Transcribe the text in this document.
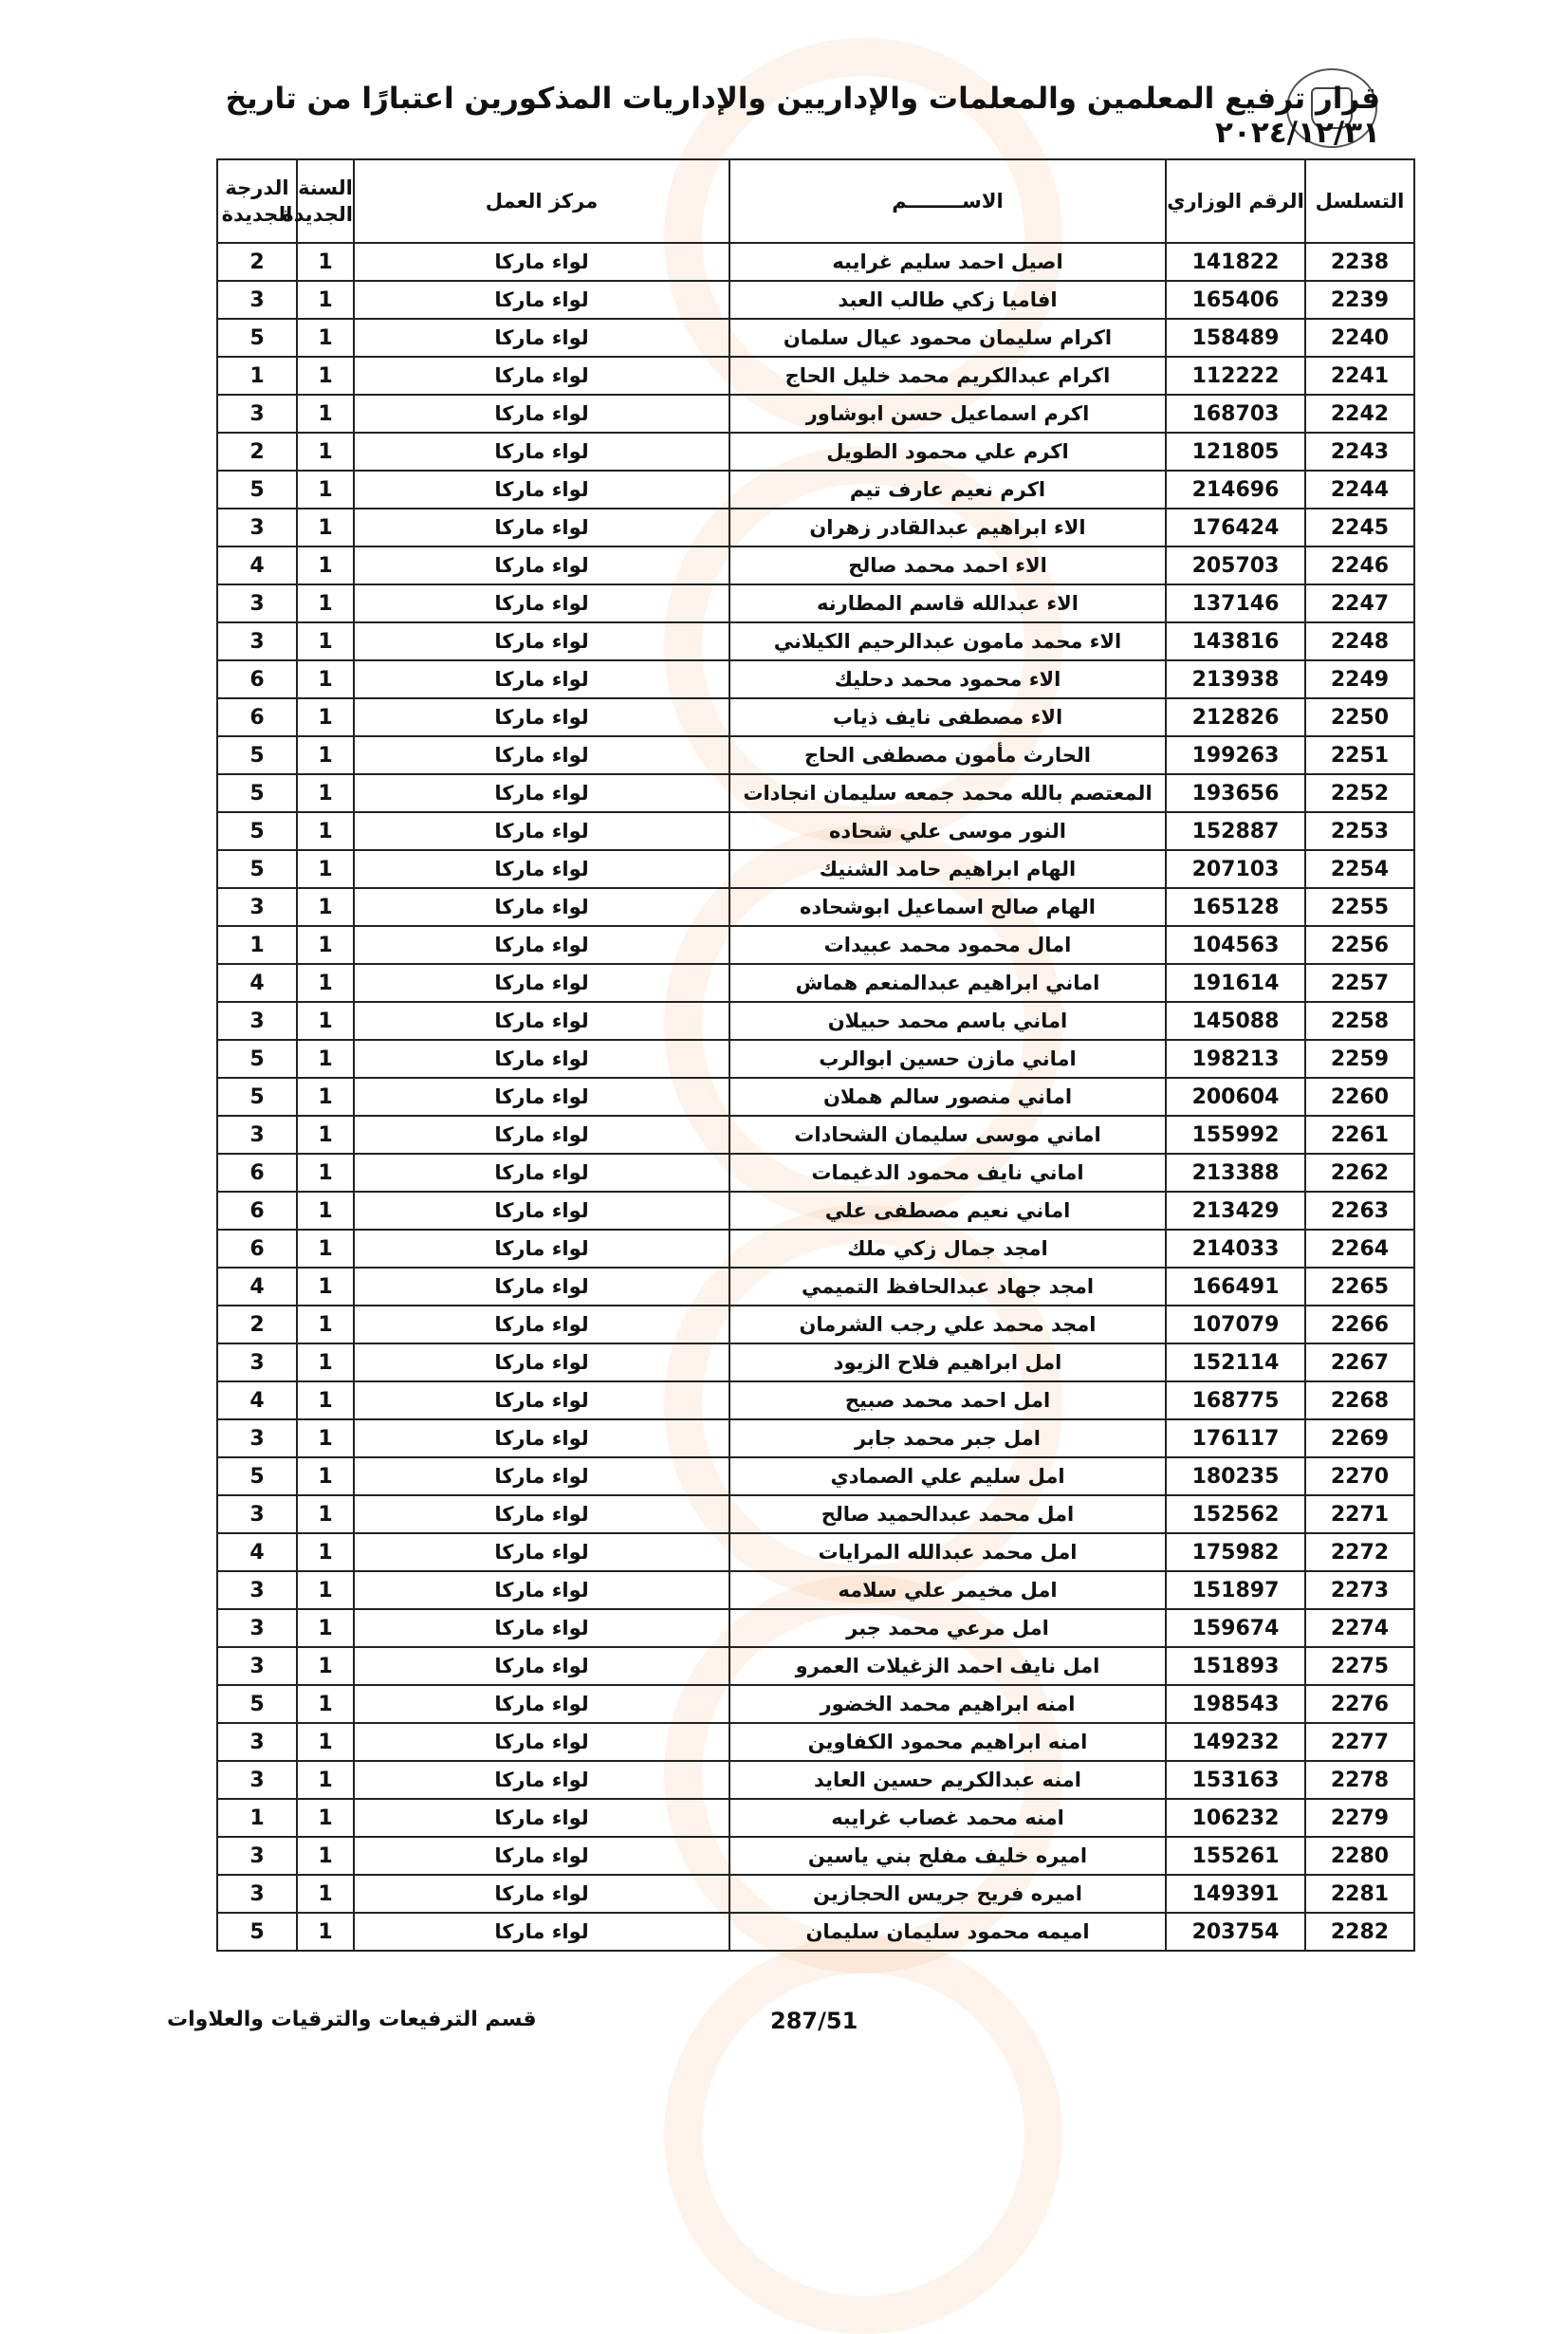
قرار ترفيع المعلمين والمعلمات والإداريين والإداريات المذكورين اعتبارًا من تاريخ ٢٠٢٤/١٢/٣١
التسلسل	الرقم الوزاري	الاســــــــم	مركز العمل	السنة الجديدة	الدرجة الجديدة
2238	141822	اصيل احمد سليم غرايبه	لواء ماركا	1	2
2239	165406	افاميا زكي طالب العبد	لواء ماركا	1	3
2240	158489	اكرام سليمان محمود عيال سلمان	لواء ماركا	1	5
2241	112222	اكرام عبدالكريم محمد خليل الحاج	لواء ماركا	1	1
2242	168703	اكرم اسماعيل حسن ابوشاور	لواء ماركا	1	3
2243	121805	اكرم علي محمود الطويل	لواء ماركا	1	2
2244	214696	اكرم نعيم عارف تيم	لواء ماركا	1	5
2245	176424	الاء ابراهيم عبدالقادر زهران	لواء ماركا	1	3
2246	205703	الاء احمد محمد صالح	لواء ماركا	1	4
2247	137146	الاء عبدالله قاسم المطارنه	لواء ماركا	1	3
2248	143816	الاء محمد مامون عبدالرحيم الكيلاني	لواء ماركا	1	3
2249	213938	الاء محمود محمد دحليك	لواء ماركا	1	6
2250	212826	الاء مصطفى نايف ذياب	لواء ماركا	1	6
2251	199263	الحارث مأمون مصطفى الحاج	لواء ماركا	1	5
2252	193656	المعتصم بالله محمد جمعه سليمان انجادات	لواء ماركا	1	5
2253	152887	النور موسى علي شحاده	لواء ماركا	1	5
2254	207103	الهام ابراهيم حامد الشنيك	لواء ماركا	1	5
2255	165128	الهام صالح اسماعيل ابوشحاده	لواء ماركا	1	3
2256	104563	امال محمود محمد عبيدات	لواء ماركا	1	1
2257	191614	اماني ابراهيم عبدالمنعم هماش	لواء ماركا	1	4
2258	145088	اماني باسم محمد حبيلان	لواء ماركا	1	3
2259	198213	اماني مازن حسين ابوالرب	لواء ماركا	1	5
2260	200604	اماني منصور سالم هملان	لواء ماركا	1	5
2261	155992	اماني موسى سليمان الشحادات	لواء ماركا	1	3
2262	213388	اماني نايف محمود الدغيمات	لواء ماركا	1	6
2263	213429	اماني نعيم مصطفى علي	لواء ماركا	1	6
2264	214033	امجد جمال زكي ملك	لواء ماركا	1	6
2265	166491	امجد جهاد عبدالحافظ التميمي	لواء ماركا	1	4
2266	107079	امجد محمد علي رجب الشرمان	لواء ماركا	1	2
2267	152114	امل ابراهيم فلاح الزيود	لواء ماركا	1	3
2268	168775	امل احمد محمد صبيح	لواء ماركا	1	4
2269	176117	امل جبر محمد جابر	لواء ماركا	1	3
2270	180235	امل سليم علي الصمادي	لواء ماركا	1	5
2271	152562	امل محمد عبدالحميد صالح	لواء ماركا	1	3
2272	175982	امل محمد عبدالله المرايات	لواء ماركا	1	4
2273	151897	امل مخيمر علي سلامه	لواء ماركا	1	3
2274	159674	امل مرعي محمد جبر	لواء ماركا	1	3
2275	151893	امل نايف احمد الزغيلات العمرو	لواء ماركا	1	3
2276	198543	امنه ابراهيم محمد الخضور	لواء ماركا	1	5
2277	149232	امنه ابراهيم محمود الكفاوين	لواء ماركا	1	3
2278	153163	امنه عبدالكريم حسين العايد	لواء ماركا	1	3
2279	106232	امنه محمد غصاب غرايبه	لواء ماركا	1	1
2280	155261	اميره خليف مفلح بني ياسين	لواء ماركا	1	3
2281	149391	اميره فريح جريس الحجازين	لواء ماركا	1	3
2282	203754	اميمه محمود سليمان سليمان	لواء ماركا	1	5
287/51
قسم الترفيعات والترقيات والعلاوات
